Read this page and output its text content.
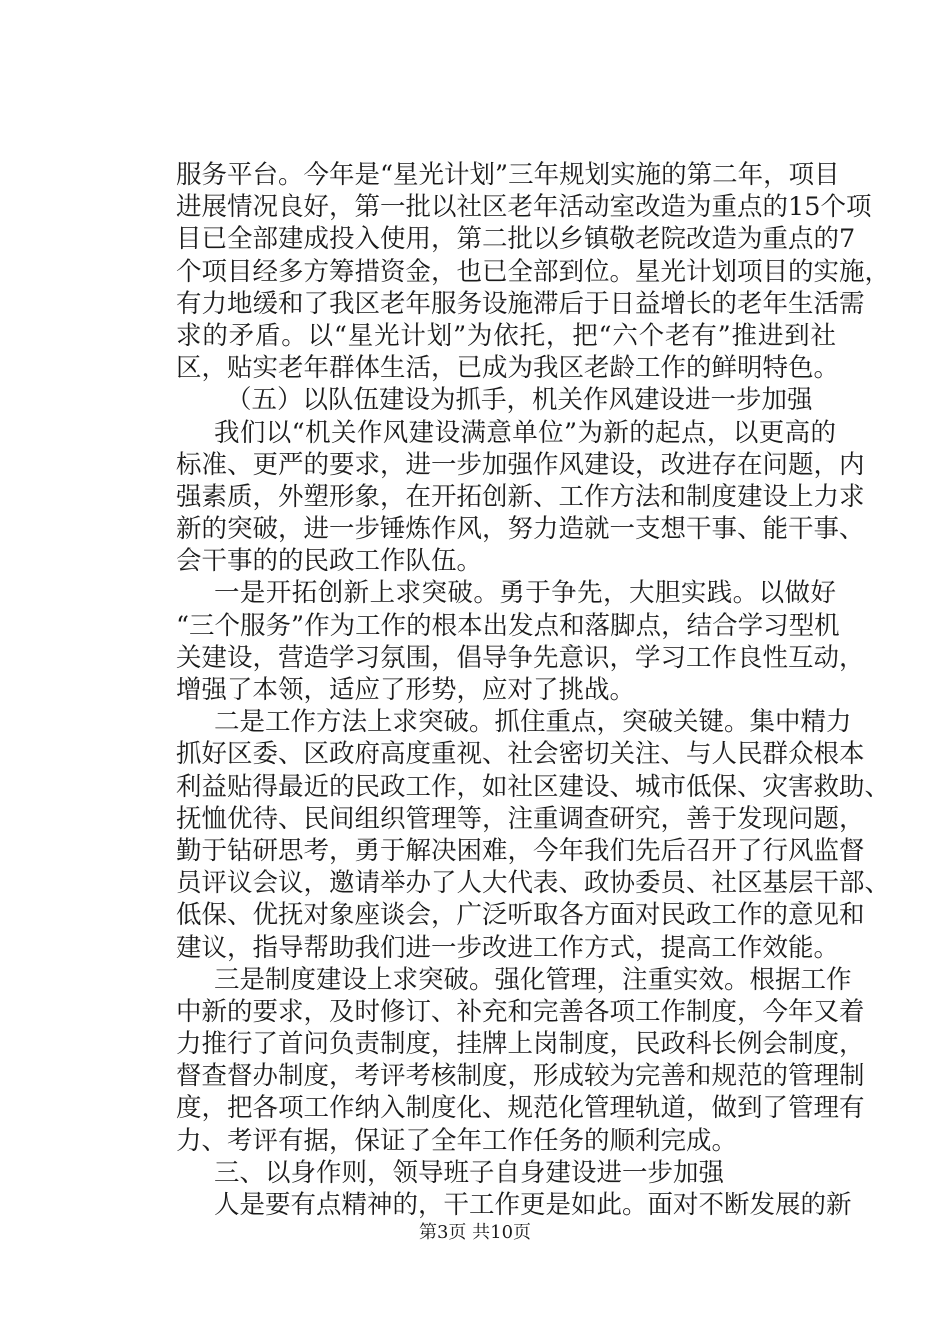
服务平台。今年是“星光计划”三年规划实施的第二年，项目
进展情况良好，第一批以社区老年活动室改造为重点的15个项
目已全部建成投入使用，第二批以乡镇敬老院改造为重点的7
个项目经多方筹措资金，也已全部到位。星光计划项目的实施，
有力地缓和了我区老年服务设施滞后于日益增长的老年生活需
求的矛盾。以“星光计划”为依托，把“六个老有”推进到社
区，贴实老年群体生活，已成为我区老龄工作的鲜明特色。
（五）以队伍建设为抓手，机关作风建设进一步加强
我们以“机关作风建设满意单位”为新的起点，以更高的
标准、更严的要求，进一步加强作风建设，改进存在问题，内
强素质，外塑形象，在开拓创新、工作方法和制度建设上力求
新的突破，进一步锤炼作风，努力造就一支想干事、能干事、
会干事的的民政工作队伍。
一是开拓创新上求突破。勇于争先，大胆实践。以做好
“三个服务”作为工作的根本出发点和落脚点，结合学习型机
关建设，营造学习氛围，倡导争先意识，学习工作良性互动，
增强了本领，适应了形势，应对了挑战。
二是工作方法上求突破。抓住重点，突破关键。集中精力
抓好区委、区政府高度重视、社会密切关注、与人民群众根本
利益贴得最近的民政工作，如社区建设、城市低保、灾害救助、
抚恤优待、民间组织管理等，注重调查研究，善于发现问题，
勤于钻研思考，勇于解决困难，今年我们先后召开了行风监督
员评议会议，邀请举办了人大代表、政协委员、社区基层干部、
低保、优抚对象座谈会，广泛听取各方面对民政工作的意见和
建议，指导帮助我们进一步改进工作方式，提高工作效能。
三是制度建设上求突破。强化管理，注重实效。根据工作
中新的要求，及时修订、补充和完善各项工作制度，今年又着
力推行了首问负责制度，挂牌上岗制度，民政科长例会制度，
督查督办制度，考评考核制度，形成较为完善和规范的管理制
度，把各项工作纳入制度化、规范化管理轨道，做到了管理有
力、考评有据，保证了全年工作任务的顺利完成。
三、以身作则，领导班子自身建设进一步加强
人是要有点精神的，干工作更是如此。面对不断发展的新
第3页 共10页
